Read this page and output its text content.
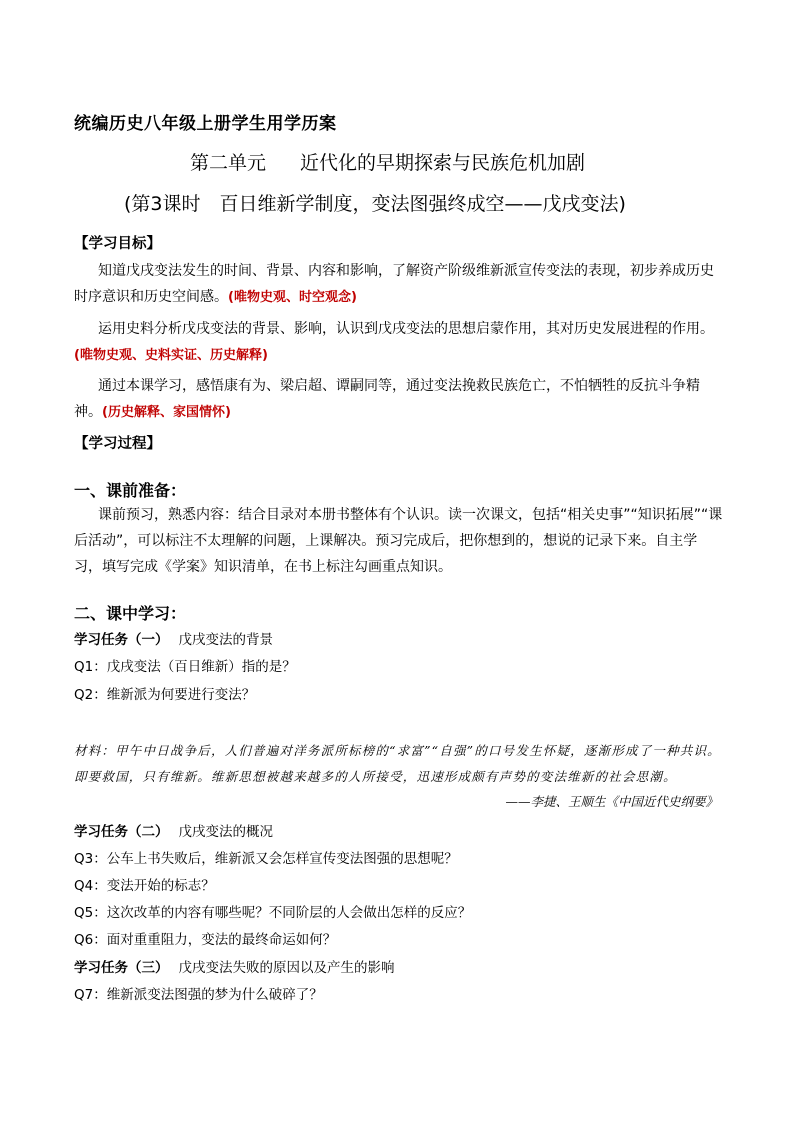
统编历史八年级上册学生用学历案
第二单元 近代化的早期探索与民族危机加剧
(第3课时　百日维新学制度，变法图强终成空——戊戌变法)
【学习目标】
知道戊戌变法发生的时间、背景、内容和影响，了解资产阶级维新派宣传变法的表现，初步养成历史时序意识和历史空间感。(唯物史观、时空观念)
运用史料分析戊戌变法的背景、影响，认识到戊戌变法的思想启蒙作用，其对历史发展进程的作用。(唯物史观、史料实证、历史解释)
通过本课学习，感悟康有为、梁启超、谭嗣同等，通过变法挽救民族危亡，不怕牺牲的反抗斗争精神。(历史解释、家国情怀)
【学习过程】
一、课前准备：
课前预习，熟悉内容：结合目录对本册书整体有个认识。读一次课文，包括“相关史事”“知识拓展”“课后活动”，可以标注不太理解的问题，上课解决。预习完成后，把你想到的，想说的记录下来。自主学习，填写完成《学案》知识清单，在书上标注勾画重点知识。
二、课中学习：
学习任务（一） 戊戌变法的背景
Q1：戊戌变法（百日维新）指的是？
Q2：维新派为何要进行变法？
材料：甲午中日战争后，人们普遍对洋务派所标榜的“求富”“自强”的口号发生怀疑，逐渐形成了一种共识。即要救国，只有维新。维新思想被越来越多的人所接受，迅速形成颇有声势的变法维新的社会思潮。
——李捷、王顺生《中国近代史纲要》
学习任务（二） 戊戌变法的概况
Q3：公车上书失败后，维新派又会怎样宣传变法图强的思想呢？
Q4：变法开始的标志？
Q5：这次改革的内容有哪些呢？不同阶层的人会做出怎样的反应？
Q6：面对重重阻力，变法的最终命运如何？
学习任务（三） 戊戌变法失败的原因以及产生的影响
Q7：维新派变法图强的梦为什么破碎了？
